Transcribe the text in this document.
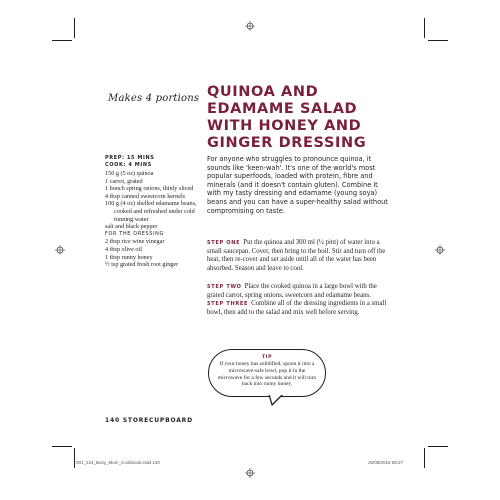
Makes 4 portions QUINOA AND EDAMAME SALAD WITH HONEY AND GINGER DRESSING
PREP: 15 MINS
COOK: 4 MINS
150 g (5 oz) quinoa
1 carrot, grated
1 bunch spring onions, thinly sliced
4 tbsp canned sweetcorn kernels
100 g (4 oz) shelled edamame beans, cooked and refreshed under cold running water
salt and black pepper
FOR THE DRESSING
2 tbsp rice wine vinegar
4 tbsp olive oil
1 tbsp runny honey
½ tsp grated fresh root ginger

For anyone who struggles to pronounce quinoa, it sounds like 'keen-wah'. It's one of the world's most popular superfoods, loaded with protein, fibre and minerals (and it doesn't contain gluten). Combine it with my tasty dressing and edamame (young soya) beans and you can have a super-healthy salad without compromising on taste.

STEP ONE Put the quinoa and 300 ml (½ pint) of water into a small saucepan. Cover, then bring to the boil. Stir and turn off the heat, then re-cover and set aside until all of the water has been absorbed. Season and leave to cool.

STEP TWO Place the cooked quinoa in a large bowl with the grated carrot, spring onions, sweetcorn and edamame beans.

STEP THREE Combine all of the dressing ingredients in a small bowl, then add to the salad and mix well before serving.

TIP

If your honey has solidified, spoon it into a microwave-safe bowl, pop it in the microwave for a few seconds and it will turn back into runny honey.

140 STORECUPBOARD
001_224_Busy_Mum_Cookbook.indd 140	25/08/2015 08:27
